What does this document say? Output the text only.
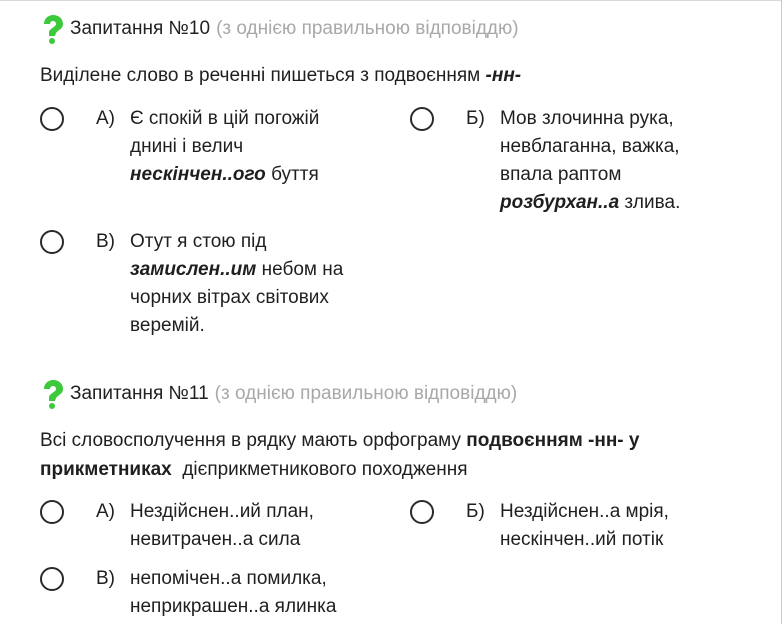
Запитання №10 (з однією правильною відповіддю)
Виділене слово в реченні пишеться з подвоєнням -нн-
А) Є спокій в цій погожій днині і велич нескінчен..ого буття
Б) Мов злочинна рука, невблаганна, важка, впала раптом розбурхан..а злива.
В) Отут я стою під замислен..им небом на чорних вітрах світових веремій.
Запитання №11 (з однією правильною відповіддю)
Всі словосполучення в рядку мають орфограму подвоєнням -нн- у прикметниках дієприкметникового походження
А) Нездійснен..ий план, невитрачен..а сила
Б) Нездійснен..а мрія, нескінчен..ий потік
В) непомічен..а помилка, неприкрашен..а ялинка
